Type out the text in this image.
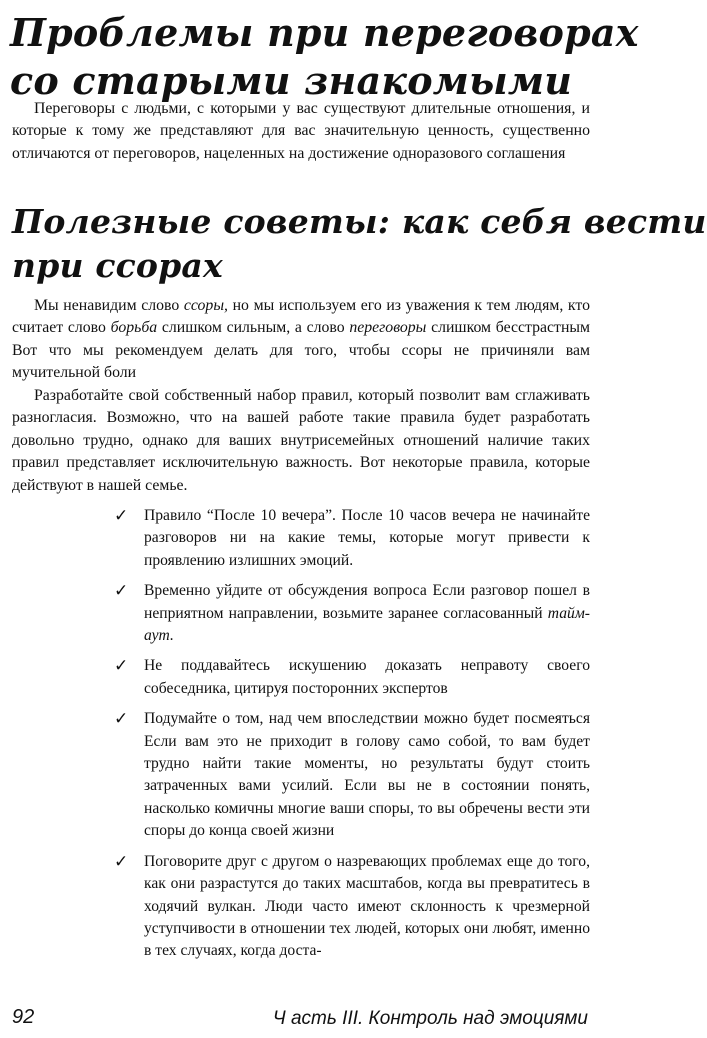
Проблемы при переговорах
со старыми знакомыми

Переговоры с людьми, с которыми у вас существуют длительные отношения, и которые к тому же представляют для вас значительную ценность, существенно отличаются от переговоров, нацеленных на достижение одноразового соглашения

Полезные советы: как себя вести
при ссорах

Мы ненавидим слово ссоры, но мы используем его из уважения к тем людям, кто считает слово борьба слишком сильным, а слово переговоры слишком бесстрастным Вот что мы рекомендуем делать для того, чтобы ссоры не причиняли вам мучительной боли

Разработайте свой собственный набор правил, который позволит вам сглаживать разногласия. Возможно, что на вашей работе такие правила будет разработать довольно трудно, однако для ваших внутрисемейных отношений наличие таких правил представляет исключительную важность. Вот некоторые правила, которые действуют в нашей семье.

✓ Правило “После 10 вечера”. После 10 часов вечера не начинайте разговоров ни на какие темы, которые могут привести к проявлению излишних эмоций.
✓ Временно уйдите от обсуждения вопроса Если разговор пошел в неприятном направлении, возьмите заранее согласованный тайм-аут.
✓ Не поддавайтесь искушению доказать неправоту своего собеседника, цитируя посторонних экспертов
✓ Подумайте о том, над чем впоследствии можно будет посмеяться Если вам это не приходит в голову само собой, то вам будет трудно найти такие моменты, но результаты будут стоить затраченных вами усилий. Если вы не в состоянии понять, насколько комичны многие ваши споры, то вы обречены вести эти споры до конца своей жизни
✓ Поговорите друг с другом о назревающих проблемах еще до того, как они разрастутся до таких масштабов, когда вы превратитесь в ходячий вулкан. Люди часто имеют склонность к чрезмерной уступчивости в отношении тех людей, которых они любят, именно в тех случаях, когда доста-
92	Ч асть III. Контроль над эмоциями
